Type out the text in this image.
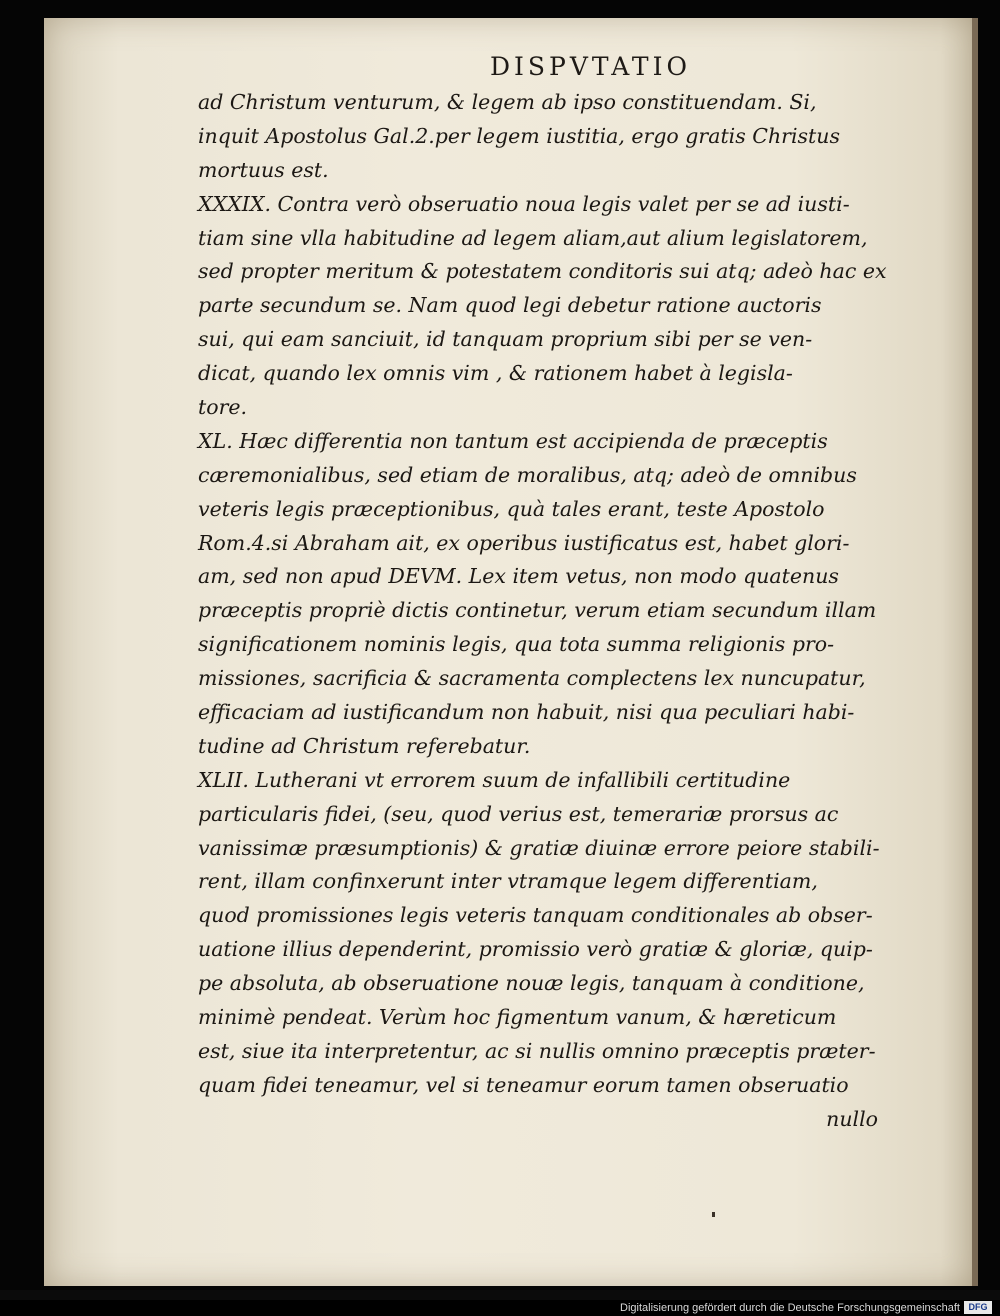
DISPVTATIO
ad Christum venturum, & legem ab ipso constituendam. Si,
inquit Apostolus Gal.2.per legem iustitia, ergo gratis Christus
mortuus est.
XXXIX. Contra verò obseruatio noua legis valet per se ad iusti-
tiam sine vlla habitudine ad legem aliam,aut alium legislatorem,
sed propter meritum & potestatem conditoris sui atq; adeò hac ex
parte secundum se. Nam quod legi debetur ratione auctoris
sui, qui eam sanciuit, id tanquam proprium sibi per se ven-
dicat, quando lex omnis vim , & rationem habet à legisla-
tore.
XL. Hæc differentia non tantum est accipienda de præceptis
cæremonialibus, sed etiam de moralibus, atq; adeò de omnibus
veteris legis præceptionibus, quà tales erant, teste Apostolo
Rom.4.si Abraham ait, ex operibus iustificatus est, habet glori-
am, sed non apud DEVM. Lex item vetus, non modo quatenus
præceptis propriè dictis continetur, verum etiam secundum illam
significationem nominis legis, qua tota summa religionis pro-
missiones, sacrificia & sacramenta complectens lex nuncupatur,
efficaciam ad iustificandum non habuit, nisi qua peculiari habi-
tudine ad Christum referebatur.
XLII. Lutherani vt errorem suum de infallibili certitudine
particularis fidei, (seu, quod verius est, temerariæ prorsus ac
vanissimæ præsumptionis) & gratiæ diuinæ errore peiore stabili-
rent, illam confinxerunt inter vtramque legem differentiam,
quod promissiones legis veteris tanquam conditionales ab obser-
uatione illius dependerint, promissio verò gratiæ & gloriæ, quip-
pe absoluta, ab obseruatione nouæ legis, tanquam à conditione,
minimè pendeat. Verùm hoc figmentum vanum, & hæreticum
est, siue ita interpretentur, ac si nullis omnino præceptis præter-
quam fidei teneamur, vel si teneamur eorum tamen obseruatio
nullo
Digitalisierung gefördert durch die Deutsche Forschungsgemeinschaft DFG
